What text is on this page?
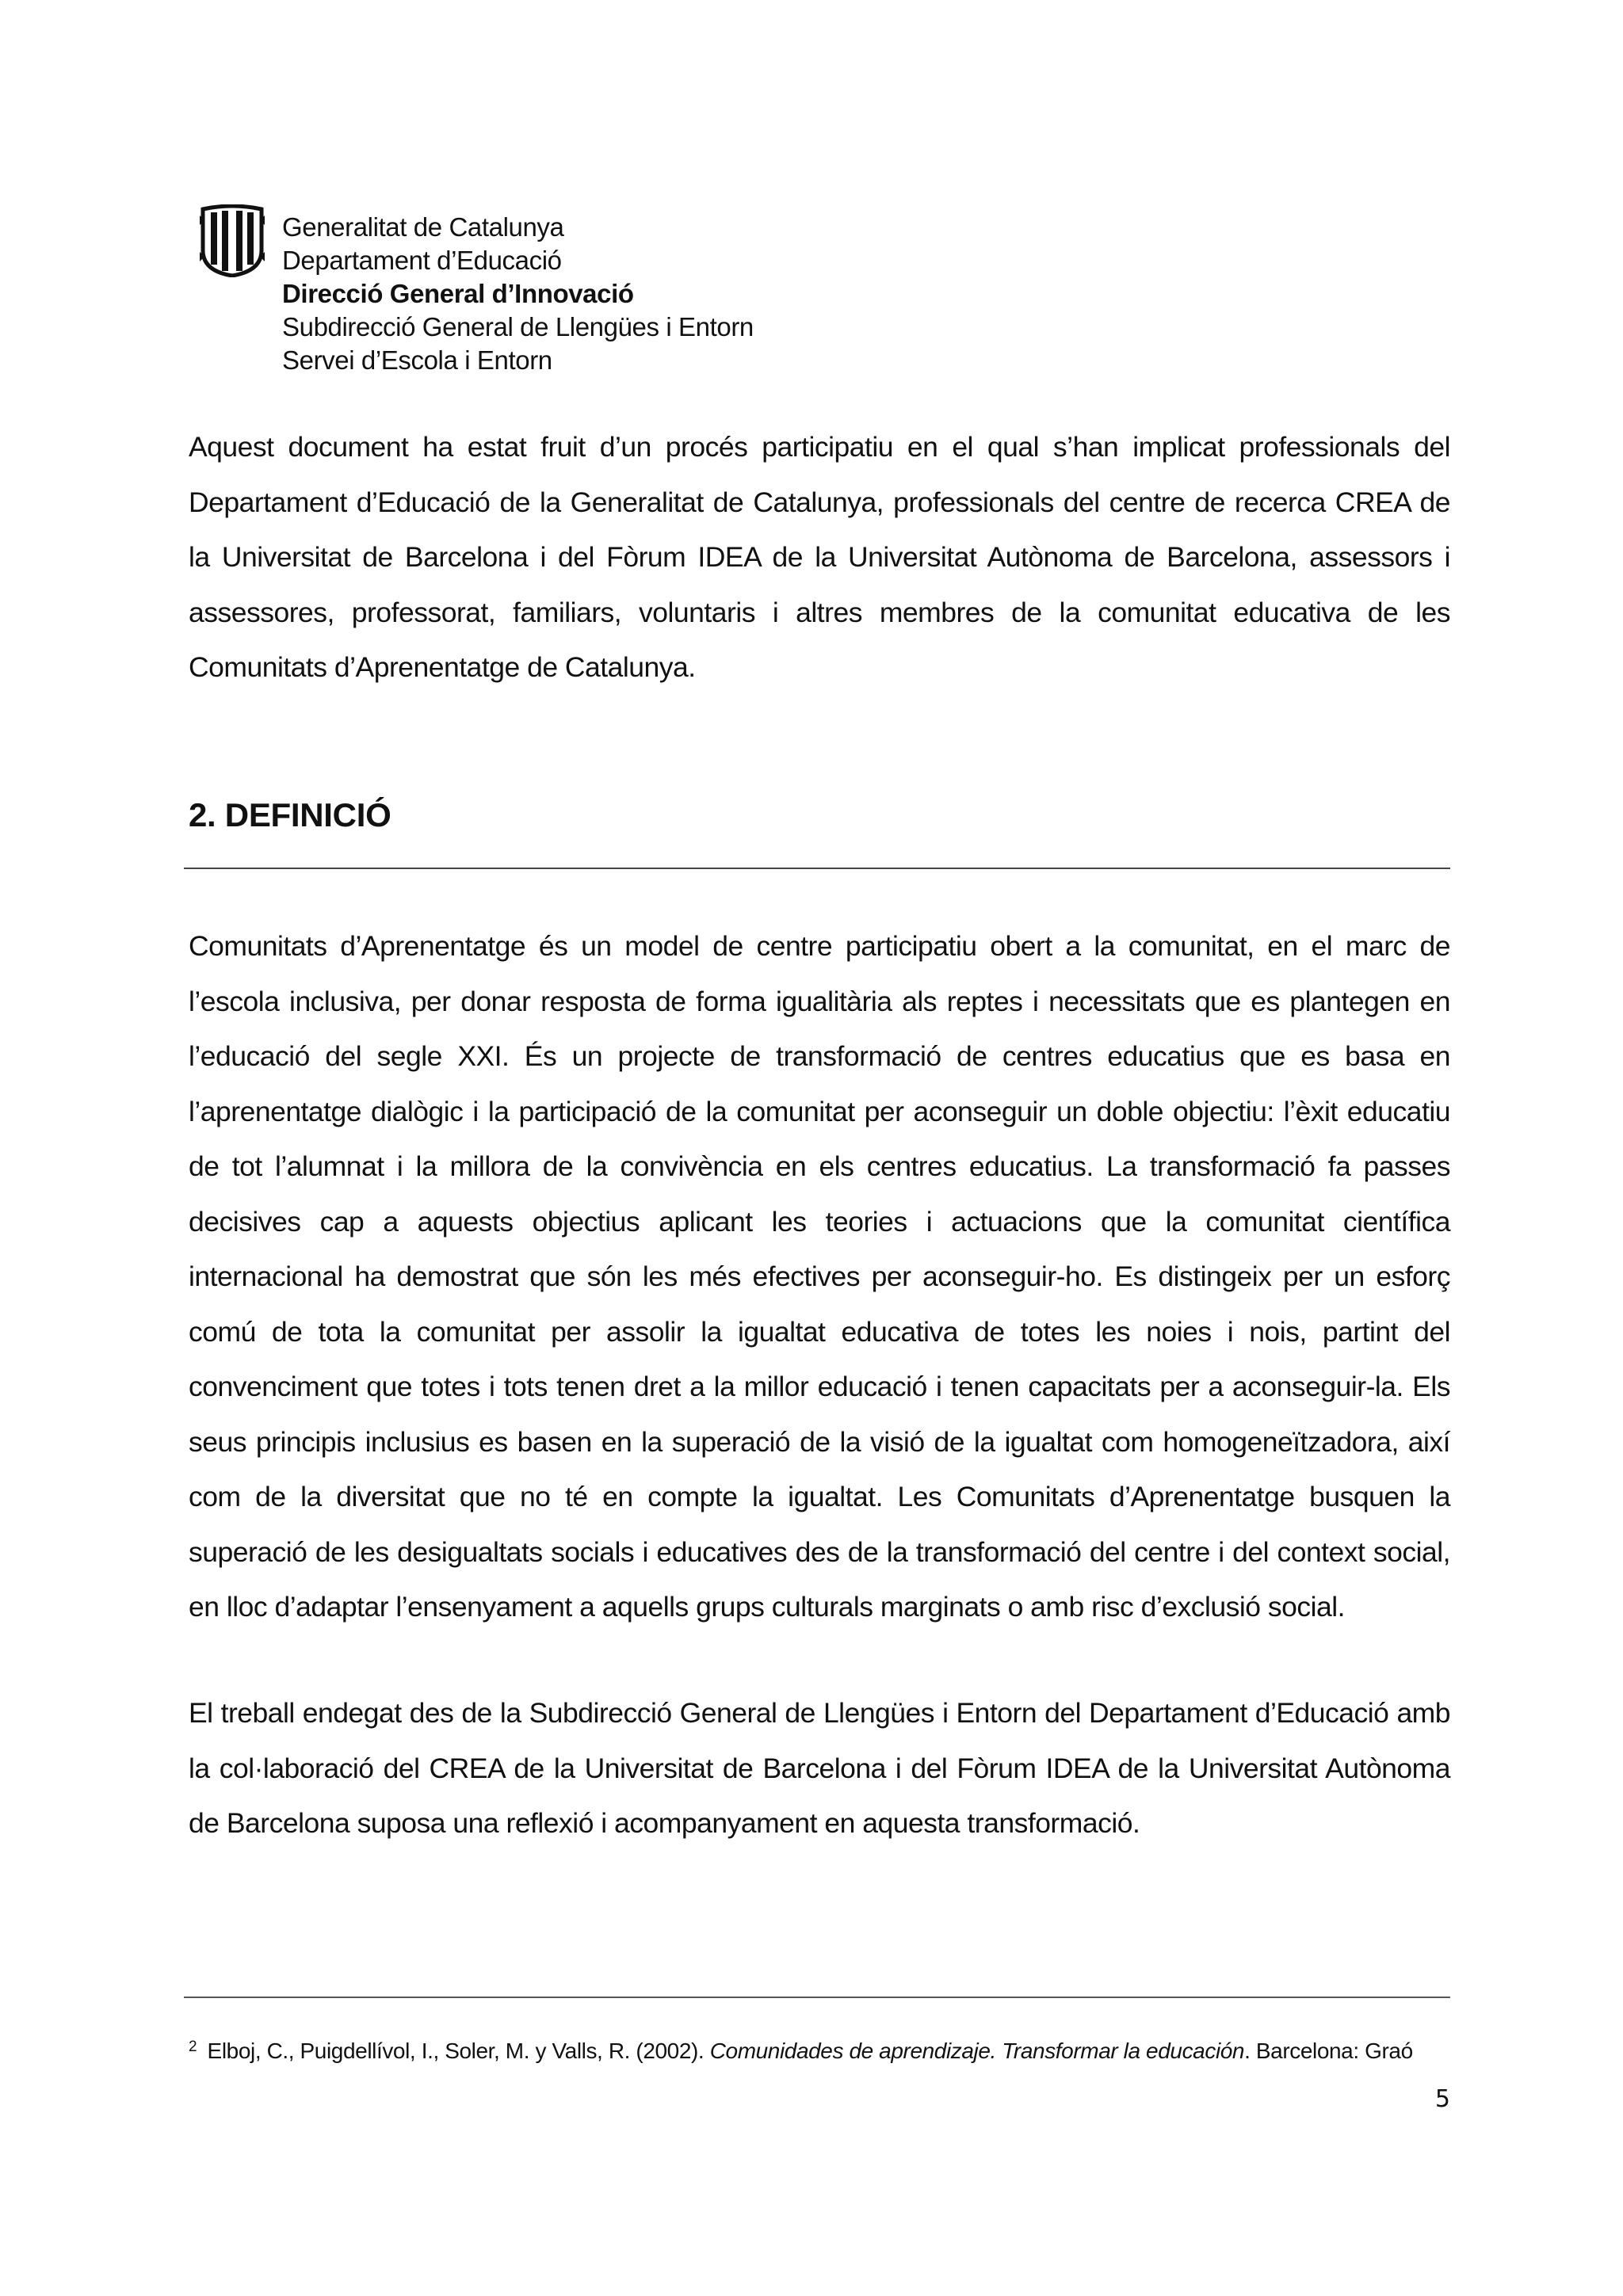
Generalitat de Catalunya
Departament d’Educació
Direcció General d’Innovació
Subdirecció General de Llengües i Entorn
Servei d’Escola i Entorn

Aquest document ha estat fruit d’un procés participatiu en el qual s’han implicat professionals del Departament d’Educació de la Generalitat de Catalunya, professionals del centre de recerca CREA de la Universitat de Barcelona i del Fòrum IDEA de la Universitat Autònoma de Barcelona, assessors i assessores, professorat, familiars, voluntaris i altres membres de la comunitat educativa de les Comunitats d’Aprenentatge de Catalunya.

2. DEFINICIÓ

Comunitats d’Aprenentatge és un model de centre participatiu obert a la comunitat, en el marc de l’escola inclusiva, per donar resposta de forma igualitària als reptes i necessitats que es plantegen en l’educació del segle XXI. És un projecte de transformació de centres educatius que es basa en l’aprenentatge dialògic i la participació de la comunitat per aconseguir un doble objectiu: l’èxit educatiu de tot l’alumnat i la millora de la convivència en els centres educatius. La transformació fa passes decisives cap a aquests objectius aplicant les teories i actuacions que la comunitat científica internacional ha demostrat que són les més efectives per aconseguir-ho. Es distingeix per un esforç comú de tota la comunitat per assolir la igualtat educativa de totes les noies i nois, partint del convenciment que totes i tots tenen dret a la millor educació i tenen capacitats per a aconseguir-la. Els seus principis inclusius es basen en la superació de la visió de la igualtat com homogeneïtzadora, així com de la diversitat que no té en compte la igualtat. Les Comunitats d’Aprenentatge busquen la superació de les desigualtats socials i educatives des de la transformació del centre i del context social, en lloc d’adaptar l’ensenyament a aquells grups culturals marginats o amb risc d’exclusió social.

El treball endegat des de la Subdirecció General de Llengües i Entorn del Departament d’Educació amb la col·laboració del CREA de la Universitat de Barcelona i del Fòrum IDEA de la Universitat Autònoma de Barcelona suposa una reflexió i acompanyament en aquesta transformació.

$^2$ Elboj, C., Puigdellívol, I., Soler, M. y Valls, R. (2002). Comunidades de aprendizaje. Transformar la educación. Barcelona: Graó
5
